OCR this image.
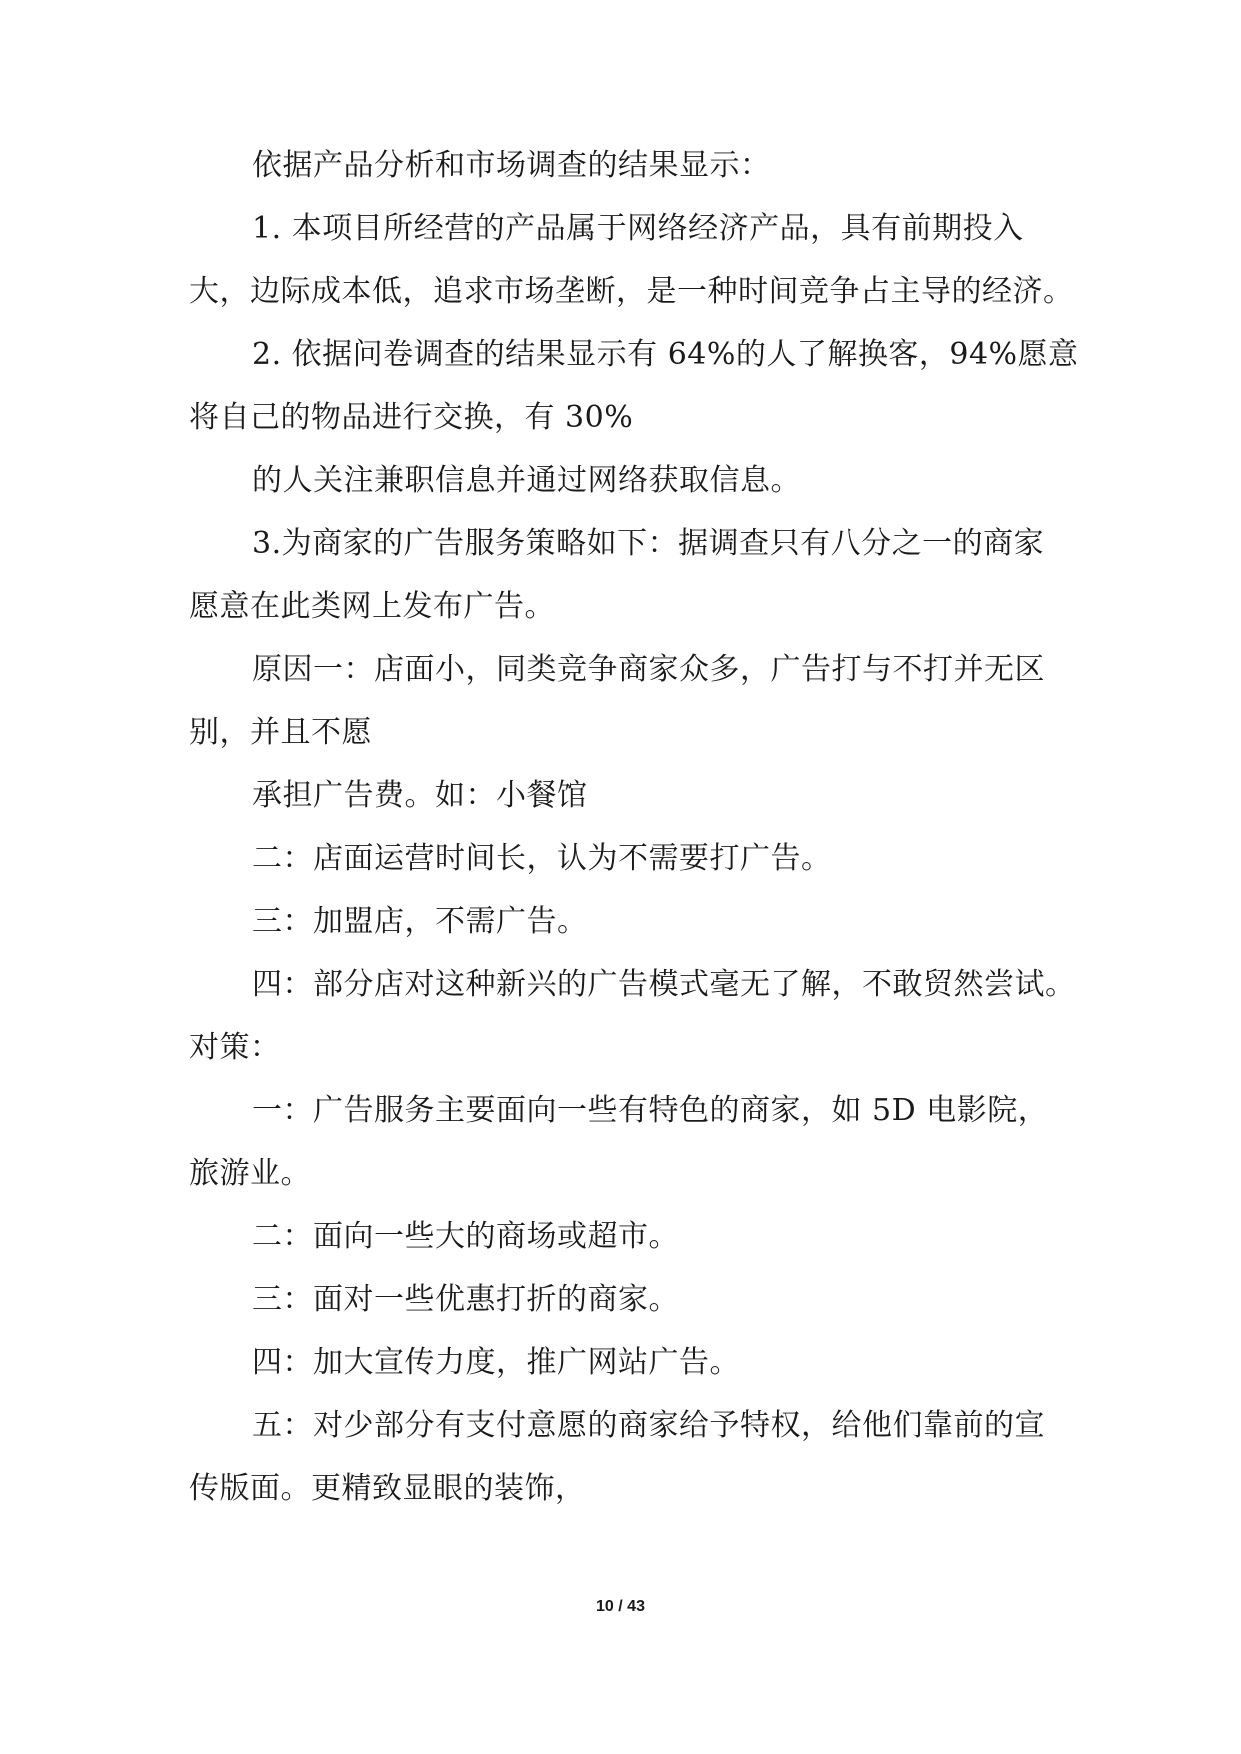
依据产品分析和市场调查的结果显示：
1. 本项目所经营的产品属于网络经济产品，具有前期投入
大，边际成本低，追求市场垄断，是一种时间竞争占主导的经济。
2. 依据问卷调查的结果显示有 64%的人了解换客，94%愿意
将自己的物品进行交换，有 30%
的人关注兼职信息并通过网络获取信息。
3.为商家的广告服务策略如下：据调查只有八分之一的商家
愿意在此类网上发布广告。
原因一：店面小，同类竞争商家众多，广告打与不打并无区
别，并且不愿
承担广告费。如：小餐馆
二：店面运营时间长，认为不需要打广告。
三：加盟店，不需广告。
四：部分店对这种新兴的广告模式毫无了解，不敢贸然尝试。
对策：
一：广告服务主要面向一些有特色的商家，如 5D 电影院，
旅游业。
二：面向一些大的商场或超市。
三：面对一些优惠打折的商家。
四：加大宣传力度，推广网站广告。
五：对少部分有支付意愿的商家给予特权，给他们靠前的宣
传版面。更精致显眼的装饰，
10 / 43
